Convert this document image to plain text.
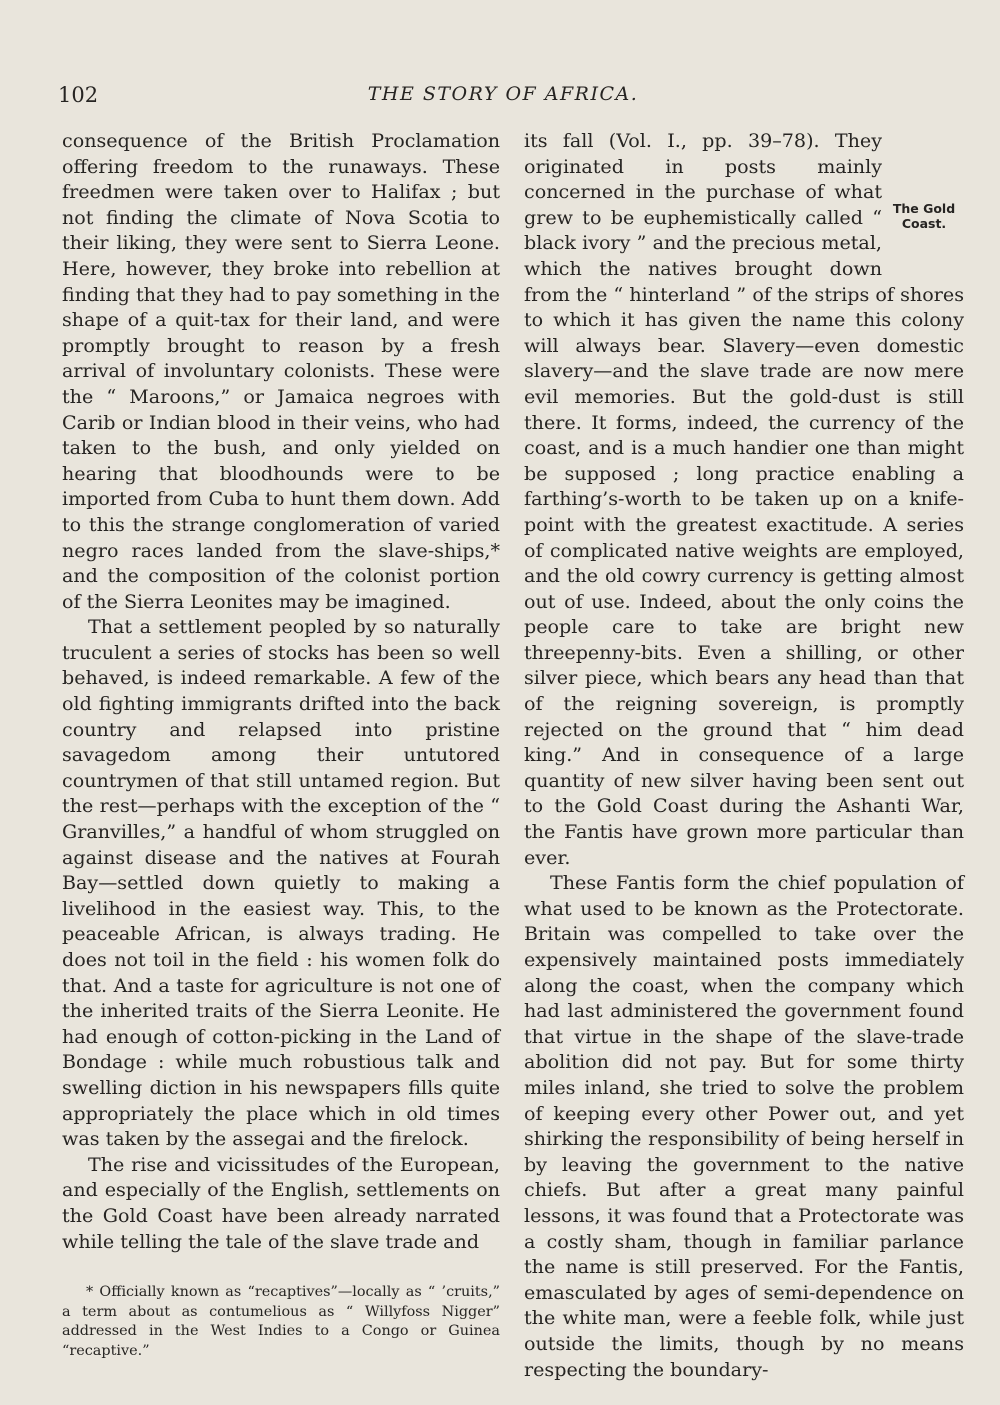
102	THE STORY OF AFRICA.

consequence of the British Proclamation offering freedom to the runaways. These freedmen were taken over to Halifax ; but not finding the climate of Nova Scotia to their liking, they were sent to Sierra Leone. Here, however, they broke into rebellion at finding that they had to pay something in the shape of a quit-tax for their land, and were promptly brought to reason by a fresh arrival of involuntary colonists. These were the “ Maroons,” or Jamaica negroes with Carib or Indian blood in their veins, who had taken to the bush, and only yielded on hearing that bloodhounds were to be imported from Cuba to hunt them down. Add to this the strange conglomeration of varied negro races landed from the slave-ships,* and the composition of the colonist portion of the Sierra Leonites may be imagined.

That a settlement peopled by so naturally truculent a series of stocks has been so well behaved, is indeed remarkable. A few of the old fighting immigrants drifted into the back country and relapsed into pristine savagedom among their untutored countrymen of that still untamed region. But the rest—perhaps with the exception of the “ Granvilles,” a handful of whom struggled on against disease and the natives at Fourah Bay—settled down quietly to making a livelihood in the easiest way. This, to the peaceable African, is always trading. He does not toil in the field : his women folk do that. And a taste for agriculture is not one of the inherited traits of the Sierra Leonite. He had enough of cotton-picking in the Land of Bondage : while much robustious talk and swelling diction in his newspapers fills quite appropriately the place which in old times was taken by the assegai and the firelock.

The rise and vicissitudes of the European, and especially of the English, settlements on the Gold Coast have been already narrated while telling the tale of the slave trade and

* Officially known as “recaptives”—locally as “ ’cruits,” a term about as contumelious as “ Willyfoss Nigger” addressed in the West Indies to a Congo or Guinea “recaptive.”

its fall (Vol. I., pp. 39–78). They originated in posts mainly concerned in the purchase of what grew to be euphemistically called “ black ivory ” and the precious metal, which the natives brought down from the “ hinterland ” of the strips of shores to which it has given the name this colony will always bear. Slavery—even domestic slavery—and the slave trade are now mere evil memories. But the gold-dust is still there. It forms, indeed, the currency of the coast, and is a much handier one than might be supposed ; long practice enabling a farthing’s-worth to be taken up on a knife-point with the greatest exactitude. A series of complicated native weights are employed, and the old cowry currency is getting almost out of use. Indeed, about the only coins the people care to take are bright new threepenny-bits. Even a shilling, or other silver piece, which bears any head than that of the reigning sovereign, is promptly rejected on the ground that “ him dead king.” And in consequence of a large quantity of new silver having been sent out to the Gold Coast during the Ashanti War, the Fantis have grown more particular than ever.

These Fantis form the chief population of what used to be known as the Protectorate. Britain was compelled to take over the expensively maintained posts immediately along the coast, when the company which had last administered the government found that virtue in the shape of the slave-trade abolition did not pay. But for some thirty miles inland, she tried to solve the problem of keeping every other Power out, and yet shirking the responsibility of being herself in by leaving the government to the native chiefs. But after a great many painful lessons, it was found that a Protectorate was a costly sham, though in familiar parlance the name is still preserved. For the Fantis, emasculated by ages of semi-dependence on the white man, were a feeble folk, while just outside the limits, though by no means respecting the boundary-

The Gold Coast.
